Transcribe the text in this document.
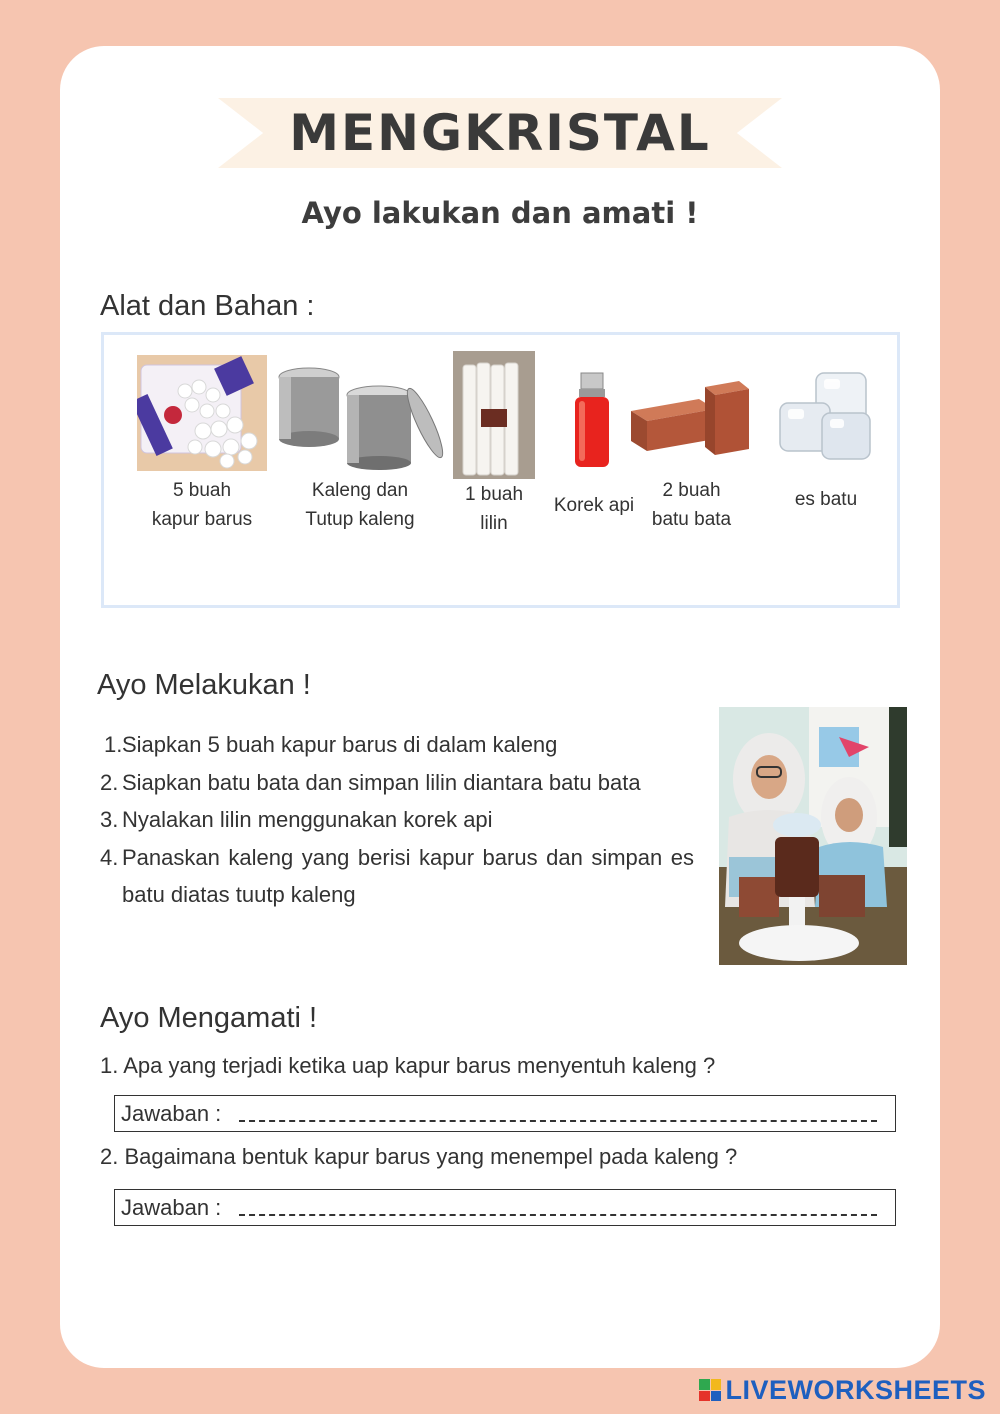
MENGKRISTAL
Ayo lakukan dan amati !
Alat dan Bahan :
5 buah
kapur barus
Kaleng dan
Tutup kaleng
1 buah
lilin
Korek api
2 buah
batu bata
es batu
Ayo Melakukan !
1. Siapkan 5 buah kapur barus di dalam kaleng
2. Siapkan batu bata dan simpan lilin diantara batu bata
3. Nyalakan lilin menggunakan korek api
4. Panaskan kaleng yang berisi kapur barus dan simpan es batu diatas tuutp kaleng
Ayo Mengamati !
1. Apa yang terjadi ketika uap kapur barus menyentuh kaleng ?
Jawaban :
2. Bagaimana bentuk kapur barus yang menempel pada kaleng ?
Jawaban :
LIVEWORKSHEETS
